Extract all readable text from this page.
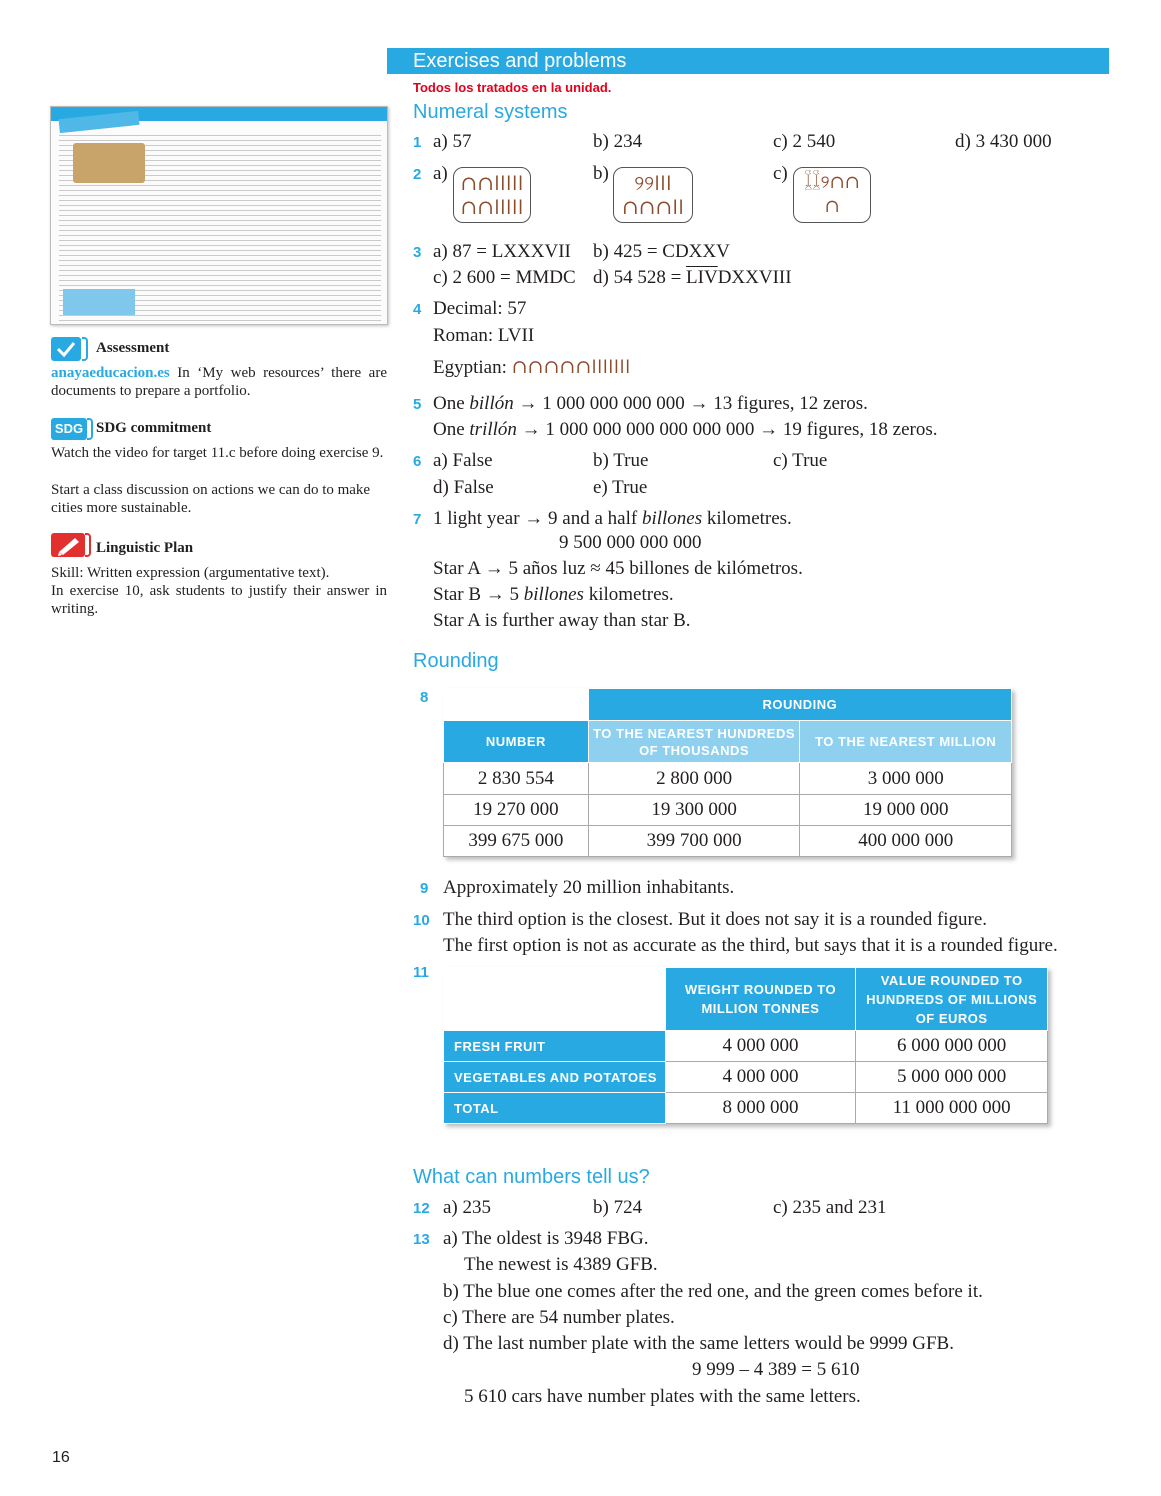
Exercises and problems
Todos los tratados en la unidad.
Assessment
anayaeducacion.es In ‘My web resources’ there are documents to prepare a portfolio.
SDG SDG commitment
Watch the video for target 11.c before doing exercise 9.
Start a class discussion on actions we can do to make cities more sustainable.
Linguistic Plan
Skill: Written expression (argumentative text).
In exercise 10, ask students to justify their answer in writing.
Numeral systems
1 a) 57	b) 234	c) 2 540	d) 3 430 000
2 a) ∩∩ǀǀǀǀǀ
∩∩ǀǀǀǀǀ
b) ୨୨ǀǀǀ
∩∩∩ǀǀ
c) 𓆼𓆼୨∩∩
∩
3 a) 87 = LXXXVII b) 425 = CDXXV
c) 2 600 = MMDC d) 54 $528 = \overline{LIV}DXXVIII$
4 Decimal: 57
Roman: LVII
Egyptian: ∩∩∩∩∩ǀǀǀǀǀǀǀ
5 One billón → 1 000 000 000 000 → 13 figures, 12 zeros.
One trillón → 1 000 000 000 000 000 000 → 19 figures, 18 zeros.
6 a) False	b) True	c) True
d) False	e) True
7 1 light year → 9 and a half billones kilometres.
9 500 000 000 000
Star A → 5 años luz ≈ 45 billones de kilómetros.
Star B → 5 billones kilometres.
Star A is further away than star B.
Rounding
8
		ROUNDING	
NUMBER	TO THE NEAREST HUNDREDS OF THOUSANDS	TO THE NEAREST MILLION
2 830 554	2 800 000	3 000 000
19 270 000	19 300 000	19 000 000
399 675 000	399 700 000	400 000 000
9 Approximately 20 million inhabitants.
10 The third option is the closest. But it does not say it is a rounded figure.
The first option is not as accurate as the third, but says that it is a rounded figure.
11
	WEIGHT ROUNDED TO MILLION TONNES	VALUE ROUNDED TO HUNDREDS OF MILLIONS OF EUROS
FRESH FRUIT	4 000 000	6 000 000 000
VEGETABLES AND POTATOES	4 000 000	5 000 000 000
TOTAL	8 000 000	11 000 000 000
What can numbers tell us?
12 a) 235	b) 724	c) 235 and 231
13 a) The oldest is 3948 FBG.
The newest is 4389 GFB.
b) The blue one comes after the red one, and the green comes before it.
c) There are 54 number plates.
d) The last number plate with the same letters would be 9999 GFB.
9 999 – 4 389 = 5 610
5 610 cars have number plates with the same letters.
16
